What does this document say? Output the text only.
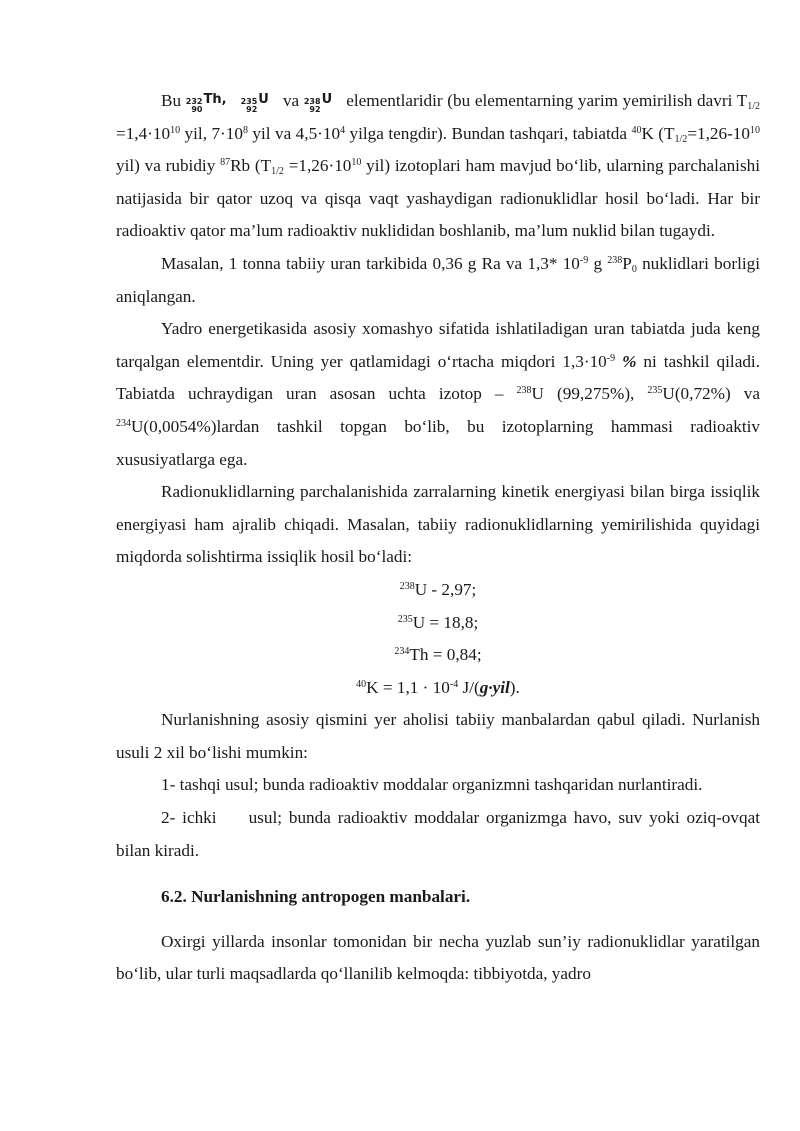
Bu 232
90
Th, 235
92
U va 238
92
U elementlaridir (bu elementarning yarim yemirilish davri $T_{1/2} =1,4\cdot 10^{10}$ yil, $7\cdot 10^8$ yil va $4,5\cdot 10^4$ yilga tengdir). Bundan tashqari, tabiatda $^{40}$K ($T_{1/2}=1,26-10^{10}$ yil) va rubidiy $^{87}$Rb ($T_{1/2} =1,26\cdot 10^{10}$ yil) izotoplari ham mavjud bo‘lib, ularning parchalanishi natijasida bir qator uzoq va qisqa vaqt yashaydigan radionuklidlar hosil bo‘ladi. Har bir radioaktiv qator ma’lum radioaktiv nuklididan boshlanib, ma’lum nuklid bilan tugaydi.

Masalan, 1 tonna tabiiy uran tarkibida 0,36 g Ra va 1,3* $10^{-9}$ g $^{238}P_0$ nuklidlari borligi aniqlangan.

Yadro energetikasida asosiy xomashyo sifatida ishlatiladigan uran tabiatda juda keng tarqalgan elementdir. Uning yer qatlamidagi o‘rtacha miqdori $1,3\cdot 10^{-9}$ % ni tashkil qiladi. Tabiatda uchraydigan uran asosan uchta izotop – $^{238}$U (99,275%), $^{235}$U(0,72%) va $^{234}$U(0,0054%)lardan tashkil topgan bo‘lib, bu izotoplarning hammasi radioaktiv xususiyatlarga ega.

Radionuklidlarning parchalanishida zarralarning kinetik energiyasi bilan birga issiqlik energiyasi ham ajralib chiqadi. Masalan, tabiiy radionuklidlarning yemirilishida quyidagi miqdorda solishtirma issiqlik hosil bo‘ladi:

$^{238}$U - 2,97;

$^{235}$U = 18,8;

$^{234}$Th = 0,84;

$^{40}K = 1,1 \cdot 10^{-4}$ J/(g·yil).

Nurlanishning asosiy qismini yer aholisi tabiiy manbalardan qabul qiladi. Nurlanish usuli 2 xil bo‘lishi mumkin:

1- tashqi usul; bunda radioaktiv moddalar organizmni tashqaridan nurlantiradi.

2- ichki usul; bunda radioaktiv moddalar organizmga havo, suv yoki oziq-ovqat bilan kiradi.

6.2. Nurlanishning antropogen manbalari.

Oxirgi yillarda insonlar tomonidan bir necha yuzlab sun’iy radionuklidlar yaratilgan bo‘lib, ular turli maqsadlarda qo‘llanilib kelmoqda: tibbiyotda, yadro
